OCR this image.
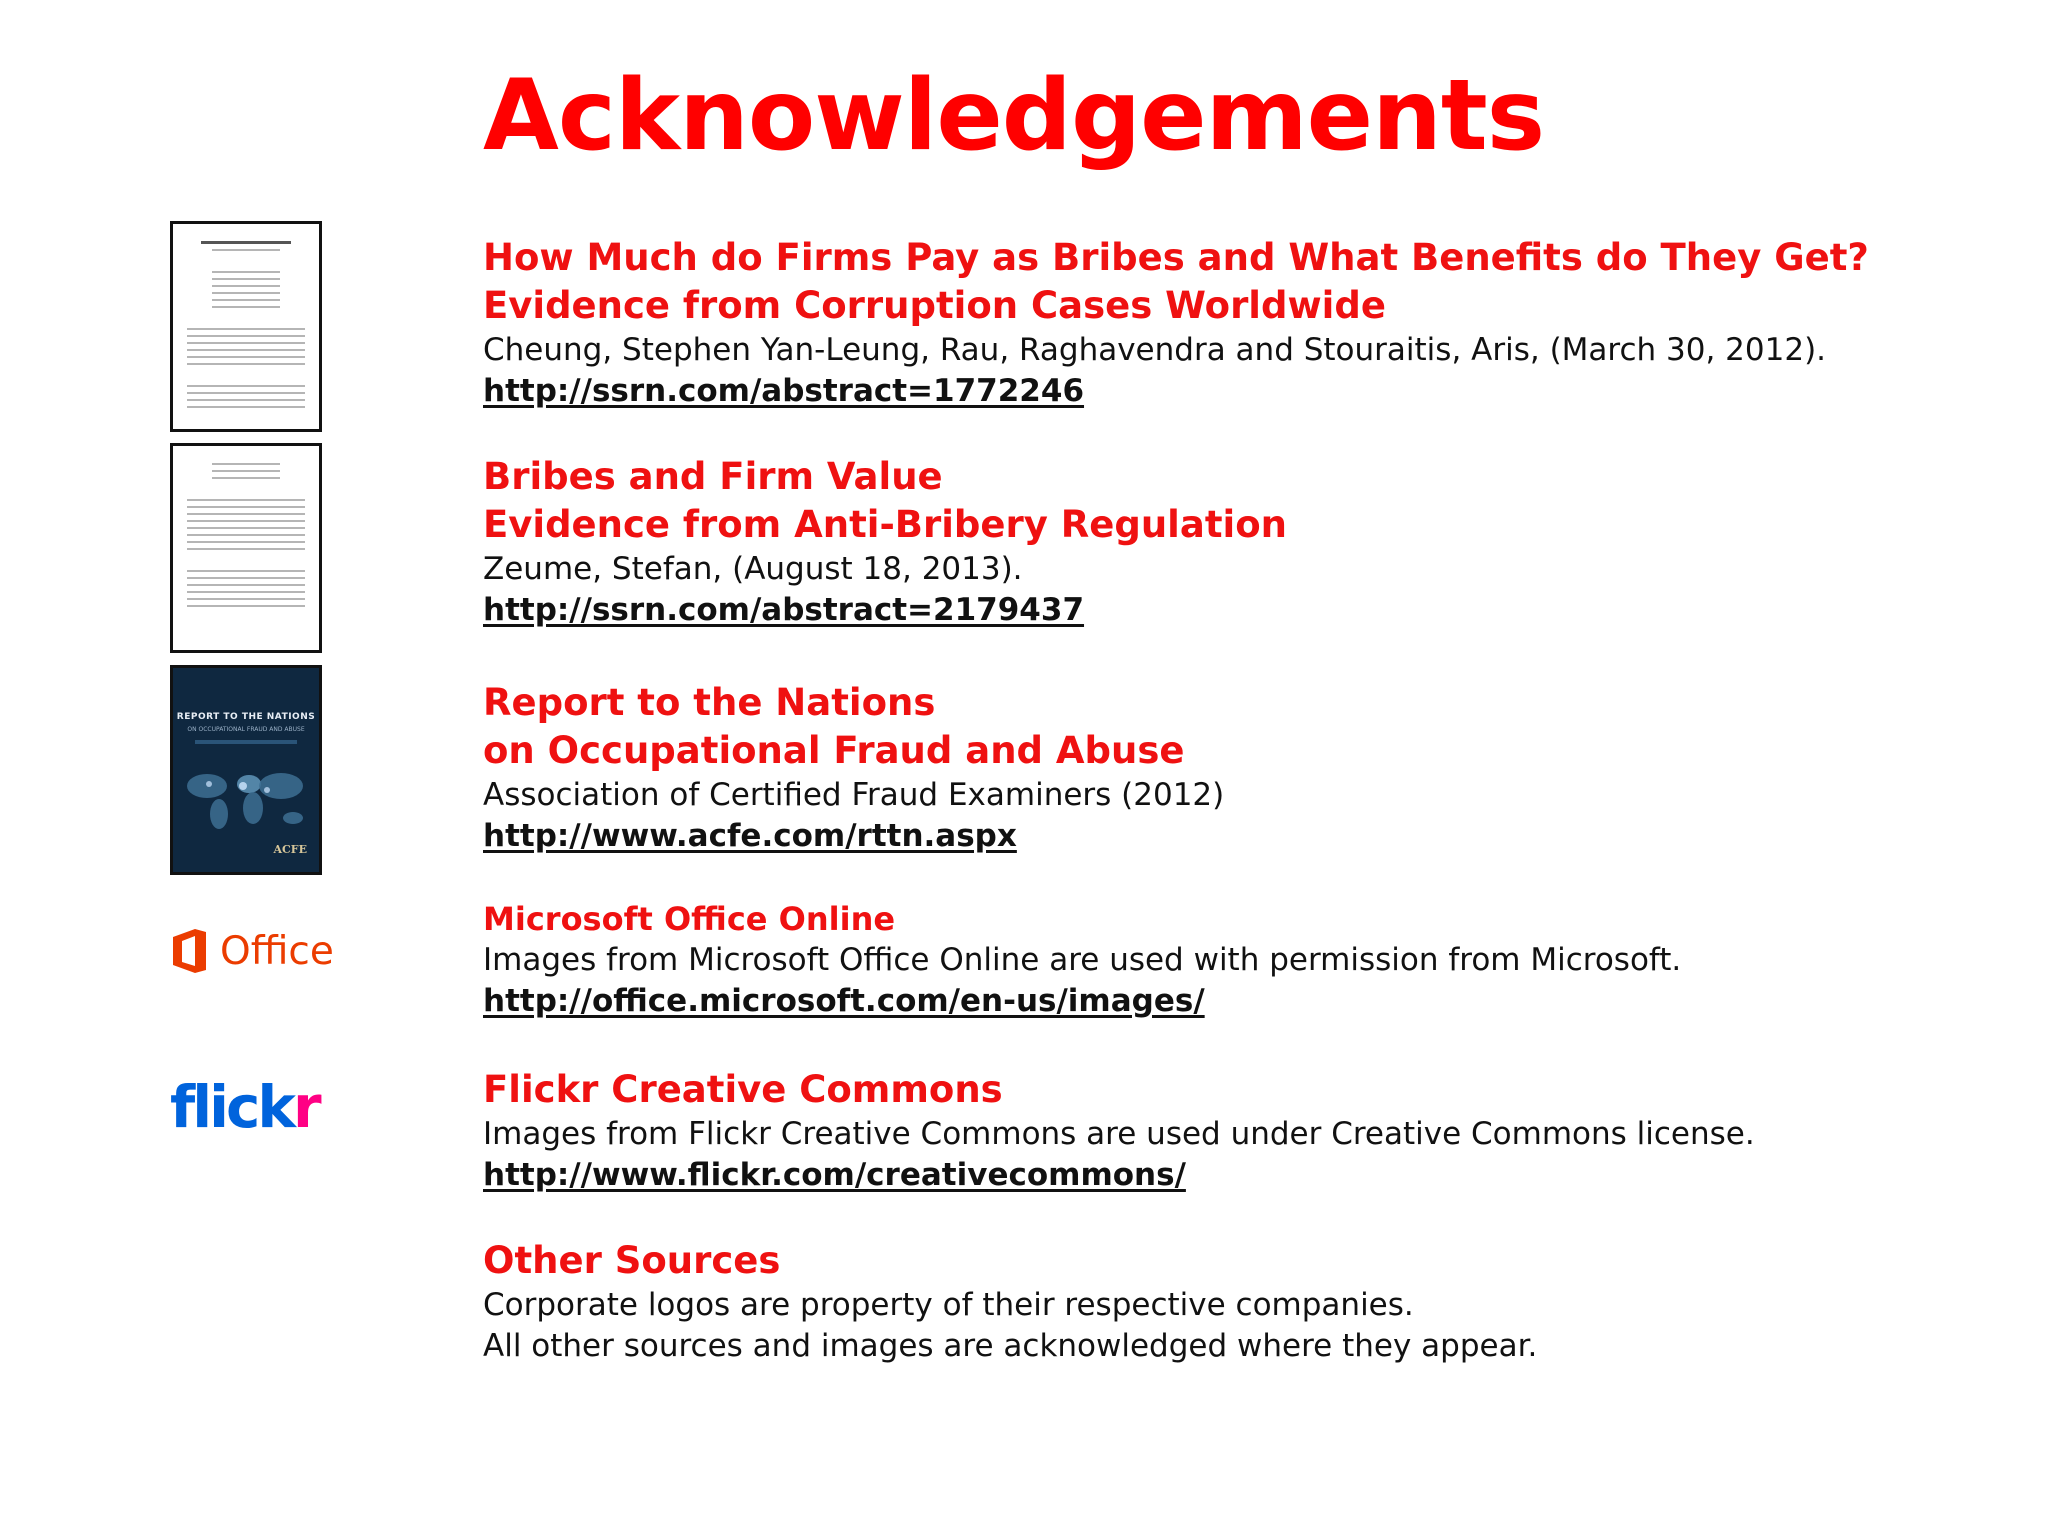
Acknowledgements
REPORT TO THE NATIONS
ON OCCUPATIONAL FRAUD AND ABUSE
ACFE
Office
flickr
How Much do Firms Pay as Bribes and What Benefits do They Get?
Evidence from Corruption Cases Worldwide
Cheung, Stephen Yan-Leung, Rau, Raghavendra and Stouraitis, Aris, (March 30, 2012).
http://ssrn.com/abstract=1772246
Bribes and Firm Value
Evidence from Anti-Bribery Regulation
Zeume, Stefan, (August 18, 2013).
http://ssrn.com/abstract=2179437
Report to the Nations
on Occupational Fraud and Abuse
Association of Certified Fraud Examiners (2012)
http://www.acfe.com/rttn.aspx
Microsoft Office Online
Images from Microsoft Office Online are used with permission from Microsoft.
http://office.microsoft.com/en-us/images/
Flickr Creative Commons
Images from Flickr Creative Commons are used under Creative Commons license.
http://www.flickr.com/creativecommons/
Other Sources
Corporate logos are property of their respective companies.
All other sources and images are acknowledged where they appear.
